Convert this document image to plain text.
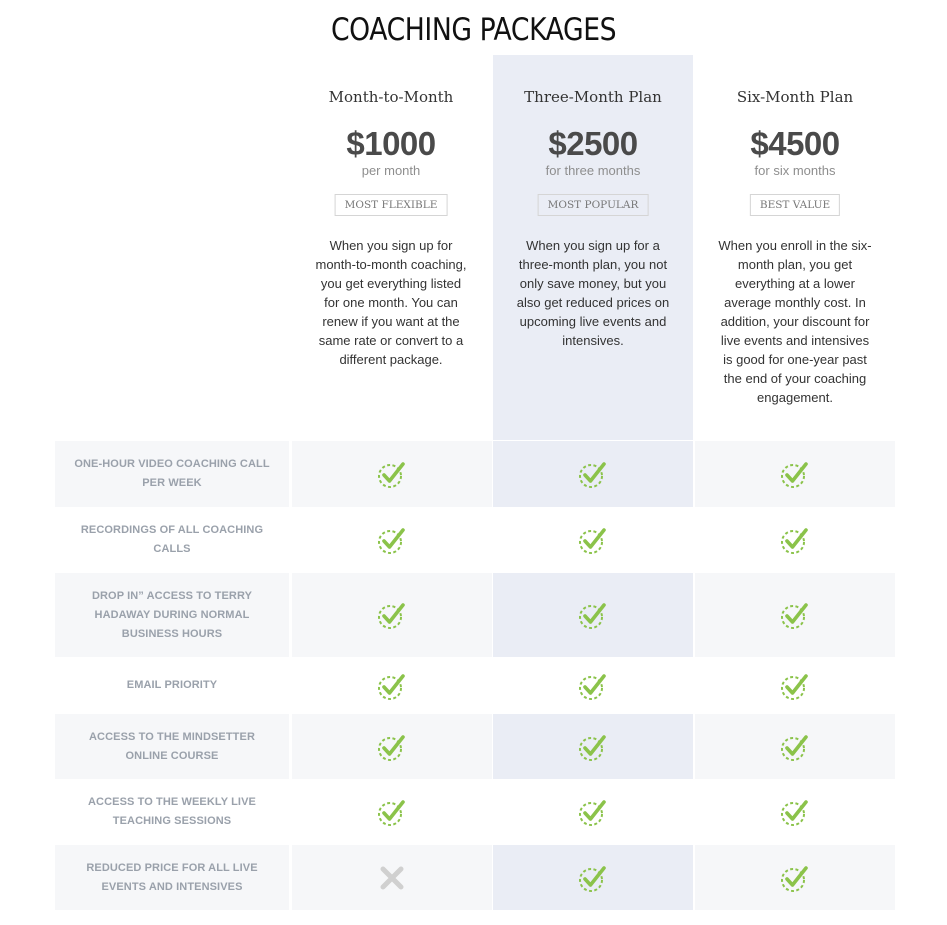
COACHING PACKAGES
Month-to-Month
$1000
per month
MOST FLEXIBLE
When you sign up for month-to-month coaching, you get everything listed for one month. You can renew if you want at the same rate or convert to a different package.
Three-Month Plan
$2500
for three months
MOST POPULAR
When you sign up for a three-month plan, you not only save money, but you also get reduced prices on upcoming live events and intensives.
Six-Month Plan
$4500
for six months
BEST VALUE
When you enroll in the six-month plan, you get everything at a lower average monthly cost. In addition, your discount for live events and intensives is good for one-year past the end of your coaching engagement.
ONE-HOUR VIDEO COACHING CALL PER WEEK
RECORDINGS OF ALL COACHING CALLS
DROP IN” ACCESS TO TERRY HADAWAY DURING NORMAL BUSINESS HOURS
EMAIL PRIORITY
ACCESS TO THE MINDSETTER ONLINE COURSE
ACCESS TO THE WEEKLY LIVE TEACHING SESSIONS
REDUCED PRICE FOR ALL LIVE EVENTS AND INTENSIVES
